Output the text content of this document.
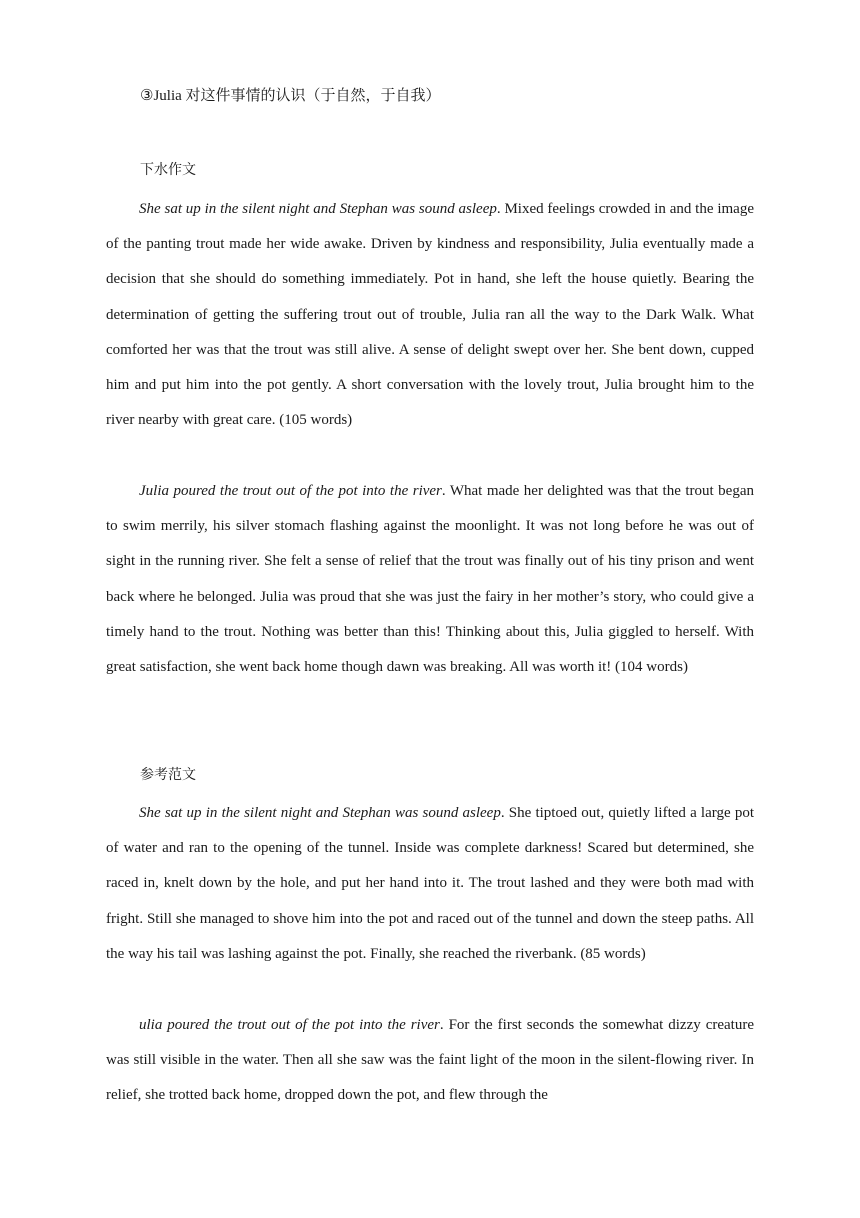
③Julia 对这件事情的认识（于自然，于自我）
下水作文

She sat up in the silent night and Stephan was sound asleep. Mixed feelings crowded in and the image of the panting trout made her wide awake. Driven by kindness and responsibility, Julia eventually made a decision that she should do something immediately. Pot in hand, she left the house quietly. Bearing the determination of getting the suffering trout out of trouble, Julia ran all the way to the Dark Walk. What comforted her was that the trout was still alive. A sense of delight swept over her. She bent down, cupped him and put him into the pot gently. A short conversation with the lovely trout, Julia brought him to the river nearby with great care. (105 words)

Julia poured the trout out of the pot into the river. What made her delighted was that the trout began to swim merrily, his silver stomach flashing against the moonlight. It was not long before he was out of sight in the running river. She felt a sense of relief that the trout was finally out of his tiny prison and went back where he belonged. Julia was proud that she was just the fairy in her mother’s story, who could give a timely hand to the trout. Nothing was better than this! Thinking about this, Julia giggled to herself. With great satisfaction, she went back home though dawn was breaking. All was worth it! (104 words)

参考范文

She sat up in the silent night and Stephan was sound asleep. She tiptoed out, quietly lifted a large pot of water and ran to the opening of the tunnel. Inside was complete darkness! Scared but determined, she raced in, knelt down by the hole, and put her hand into it. The trout lashed and they were both mad with fright. Still she managed to shove him into the pot and raced out of the tunnel and down the steep paths. All the way his tail was lashing against the pot. Finally, she reached the riverbank. (85 words)

ulia poured the trout out of the pot into the river. For the first seconds the somewhat dizzy creature was still visible in the water. Then all she saw was the faint light of the moon in the silent-flowing river. In relief, she trotted back home, dropped down the pot, and flew through the
